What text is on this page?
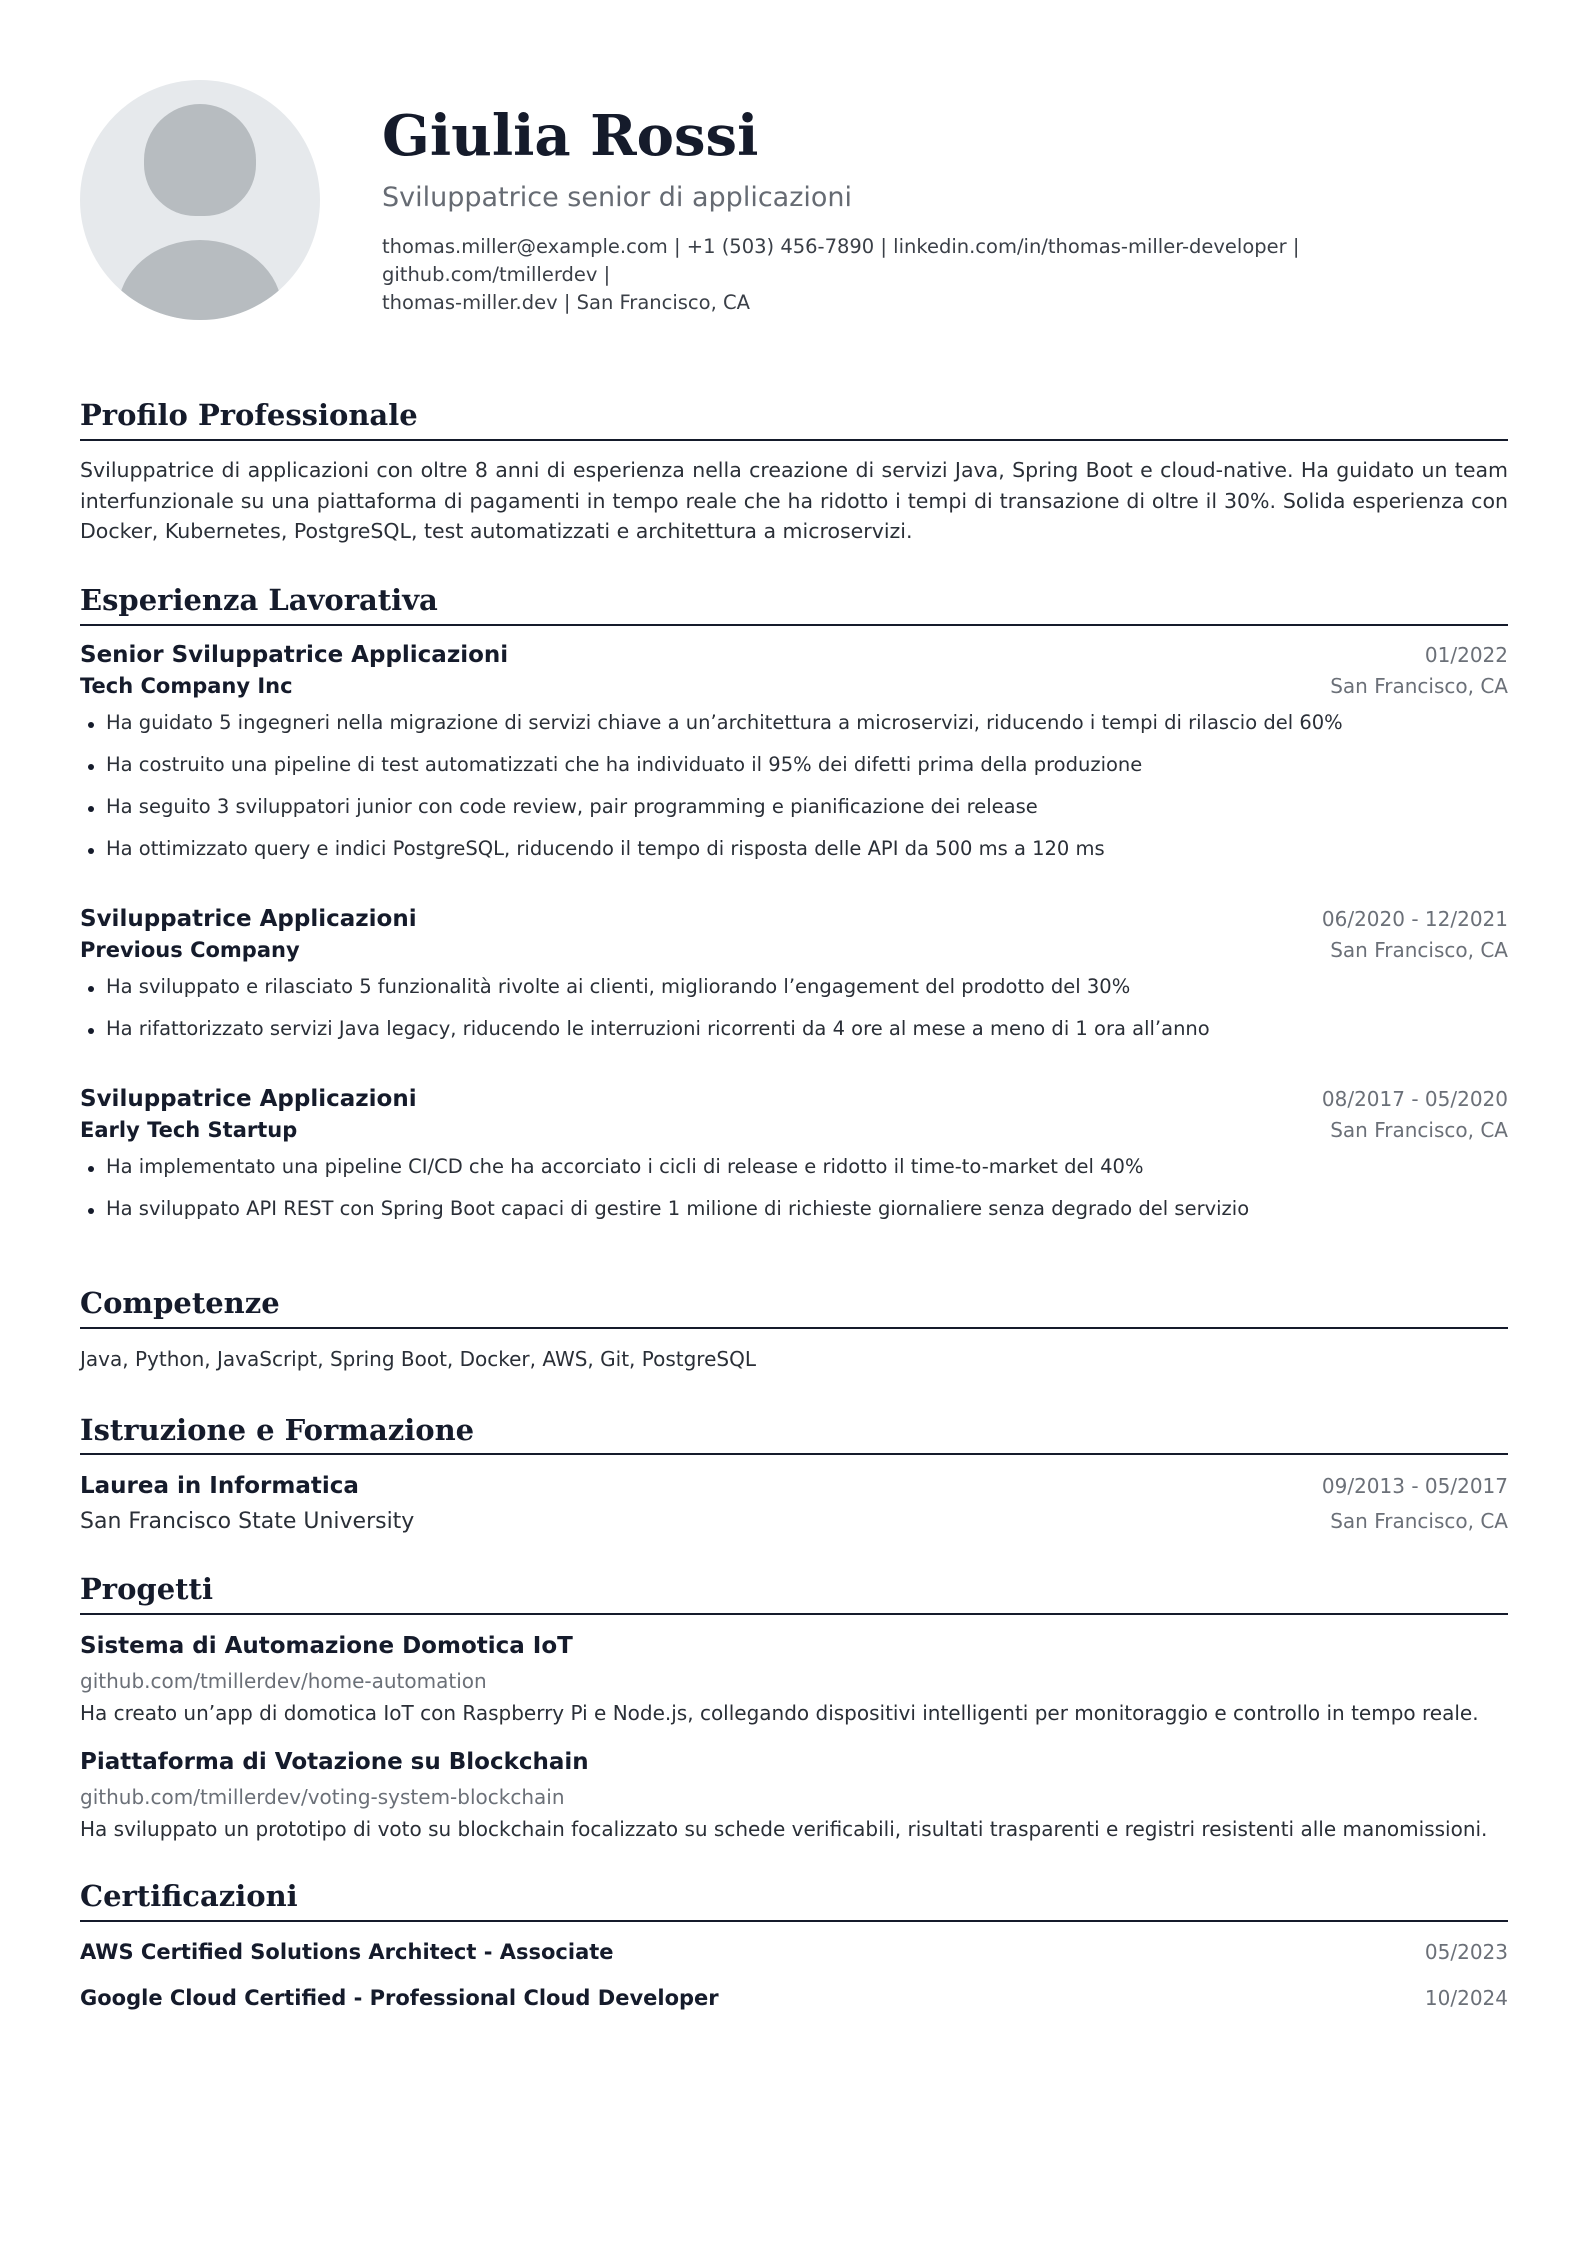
Giulia Rossi
Sviluppatrice senior di applicazioni
thomas.miller@example.com | +1 (503) 456-7890 | linkedin.com/in/thomas-miller-developer | github.com/tmillerdev |
thomas-miller.dev | San Francisco, CA
Profilo Professionale

Sviluppatrice di applicazioni con oltre 8 anni di esperienza nella creazione di servizi Java, Spring Boot e cloud-native. Ha guidato un team interfunzionale su una piattaforma di pagamenti in tempo reale che ha ridotto i tempi di transazione di oltre il 30%. Solida esperienza con Docker, Kubernetes, PostgreSQL, test automatizzati e architettura a microservizi.

Esperienza Lavorativa
Senior Sviluppatrice Applicazioni	01/2022
Tech Company Inc	San Francisco, CA
Ha guidato 5 ingegneri nella migrazione di servizi chiave a un’architettura a microservizi, riducendo i tempi di rilascio del 60%
Ha costruito una pipeline di test automatizzati che ha individuato il 95% dei difetti prima della produzione
Ha seguito 3 sviluppatori junior con code review, pair programming e pianificazione dei release
Ha ottimizzato query e indici PostgreSQL, riducendo il tempo di risposta delle API da 500 ms a 120 ms
Sviluppatrice Applicazioni	06/2020 - 12/2021
Previous Company	San Francisco, CA
Ha sviluppato e rilasciato 5 funzionalità rivolte ai clienti, migliorando l’engagement del prodotto del 30%
Ha rifattorizzato servizi Java legacy, riducendo le interruzioni ricorrenti da 4 ore al mese a meno di 1 ora all’anno
Sviluppatrice Applicazioni	08/2017 - 05/2020
Early Tech Startup	San Francisco, CA
Ha implementato una pipeline CI/CD che ha accorciato i cicli di release e ridotto il time-to-market del 40%
Ha sviluppato API REST con Spring Boot capaci di gestire 1 milione di richieste giornaliere senza degrado del servizio
Competenze

Java, Python, JavaScript, Spring Boot, Docker, AWS, Git, PostgreSQL

Istruzione e Formazione
Laurea in Informatica	09/2013 - 05/2017
San Francisco State University	San Francisco, CA
Progetti
Sistema di Automazione Domotica IoT
github.com/tmillerdev/home-automation
Ha creato un’app di domotica IoT con Raspberry Pi e Node.js, collegando dispositivi intelligenti per monitoraggio e controllo in tempo reale.
Piattaforma di Votazione su Blockchain
github.com/tmillerdev/voting-system-blockchain
Ha sviluppato un prototipo di voto su blockchain focalizzato su schede verificabili, risultati trasparenti e registri resistenti alle manomissioni.
Certificazioni
AWS Certified Solutions Architect - Associate	05/2023
Google Cloud Certified - Professional Cloud Developer	10/2024
